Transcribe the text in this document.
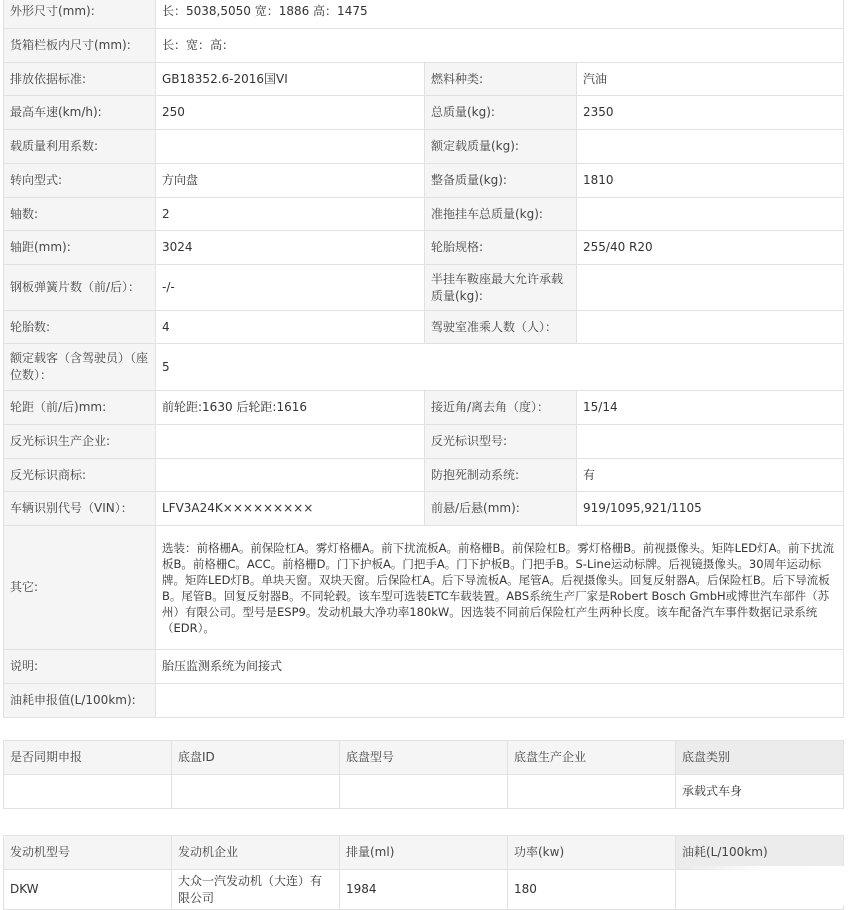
外形尺寸(mm):	长：5038,5050 宽：1886 高：1475		
货箱栏板内尺寸(mm):	长：宽：高：		
排放依据标准:	GB18352.6-2016国VI	燃料种类:	汽油
最高车速(km/h):	250	总质量(kg):	2350
载质量利用系数:		额定载质量(kg):	
转向型式:	方向盘	整备质量(kg):	1810
轴数:	2	准拖挂车总质量(kg):	
轴距(mm):	3024	轮胎规格:	255/40 R20
钢板弹簧片数（前/后）：	-/-	半挂车鞍座最大允许承载质量(kg):	
轮胎数:	4	驾驶室准乘人数（人）：	
额定载客（含驾驶员）（座位数）：	5		
轮距（前/后)mm:	前轮距:1630 后轮距:1616	接近角/离去角（度）：	15/14
反光标识生产企业:		反光标识型号:	
反光标识商标:		防抱死制动系统:	有
车辆识别代号（VIN）：	LFV3A24K×××××××××	前悬/后悬(mm):	919/1095,921/1105
其它:	选装：前格栅A。前保险杠A。雾灯格栅A。前下扰流板A。前格栅B。前保险杠B。雾灯格栅B。前视摄像头。矩阵LED灯A。前下扰流板B。前格栅C。ACC。前格栅D。门下护板A。门把手A。门下护板B。门把手B。S-Line运动标牌。后视镜摄像头。30周年运动标牌。矩阵LED灯B。单块天窗。双块天窗。后保险杠A。后下导流板A。尾管A。后视摄像头。回复反射器A。后保险杠B。后下导流板B。尾管B。回复反射器B。不同轮毂。该车型可选装ETC车载装置。ABS系统生产厂家是Robert Bosch GmbH或博世汽车部件（苏州）有限公司。型号是ESP9。发动机最大净功率180kW。因选装不同前后保险杠产生两种长度。该车配备汽车事件数据记录系统（EDR）。		
说明:	胎压监测系统为间接式		
油耗申报值(L/100km):			
是否同期申报	底盘ID	底盘型号	底盘生产企业	底盘类别
				承载式车身
发动机型号	发动机企业	排量(ml)	功率(kw)	油耗(L/100km)
DKW	大众一汽发动机（大连）有限公司	1984	180	
